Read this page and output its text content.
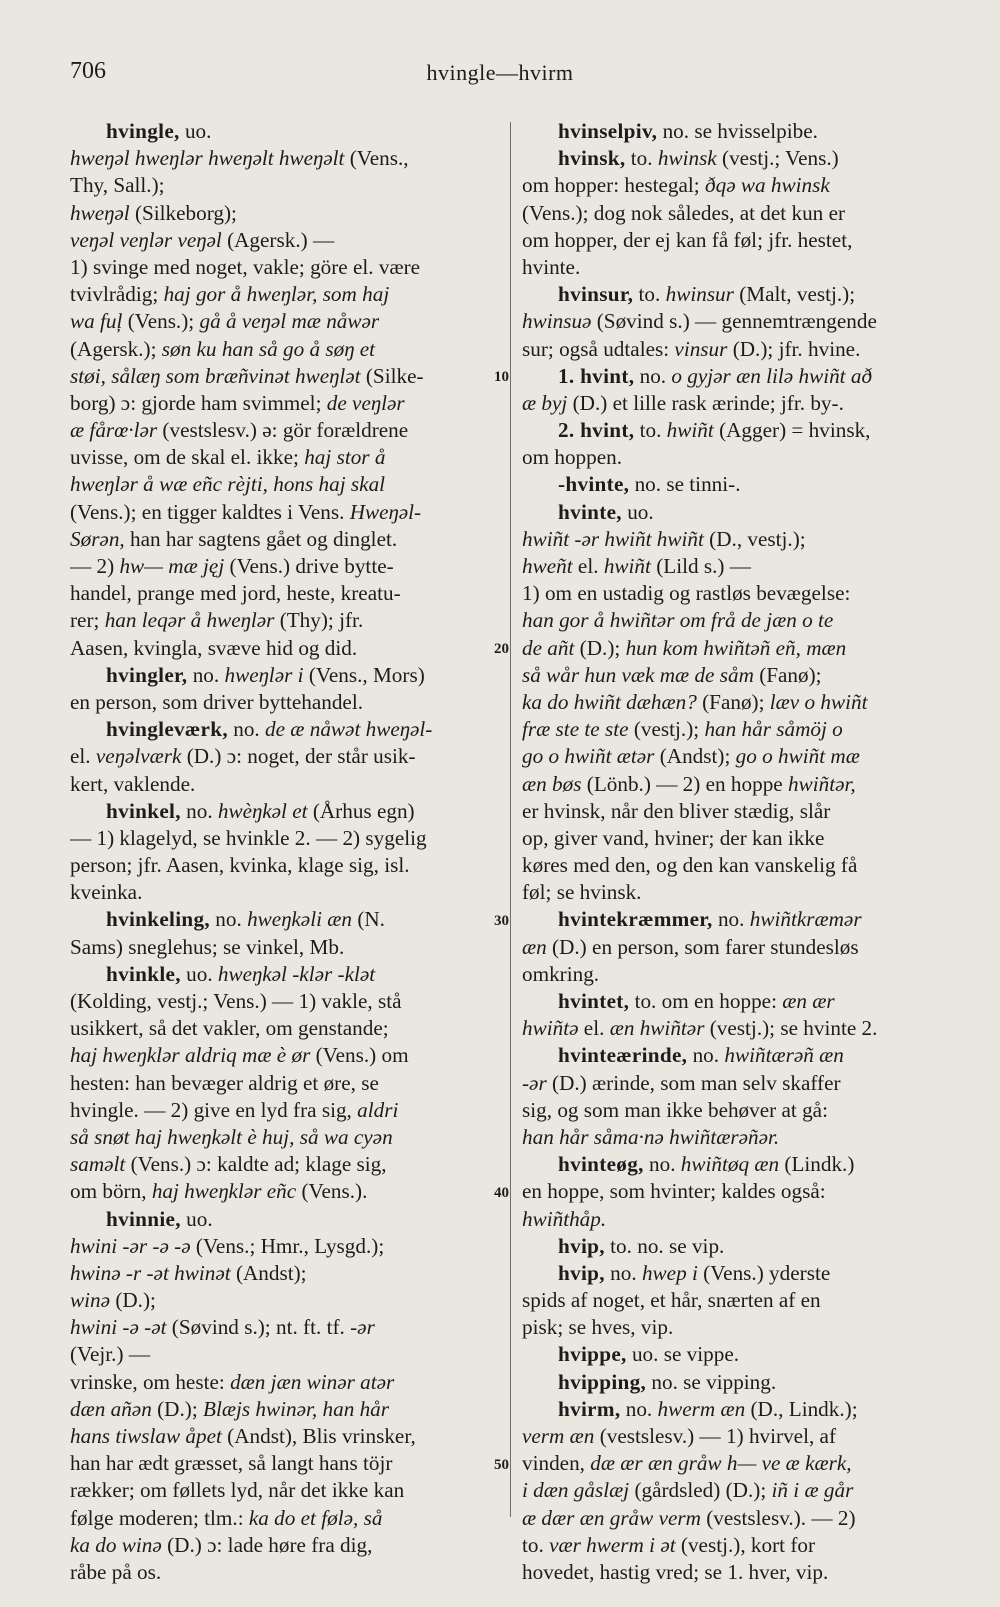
706	hvingle—hvirm
hvingle, uo.
hweŋəl hweŋlər hweŋəlt hweŋəlt (Vens.,
Thy, Sall.);
hweŋəl (Silkeborg);
veŋəl veŋlər veŋəl (Agersk.) —
1) svinge med noget, vakle; göre el. være
tvivlrådig; haj gor å hweŋlər, som haj
wa fuļ (Vens.); gå å veŋəl mæ nåwər
(Agersk.); søn ku han så go å søŋ et
støi, sålæŋ som bræñvinət hweŋlət (Silke-
borg) ɔ: gjorde ham svimmel; de veŋlər
æ fårœ·lər (vestslesv.) ə: gör forældrene
uvisse, om de skal el. ikke; haj stor å
hweŋlər å wæ eñc rèjti, hons haj skal
(Vens.); en tigger kaldtes i Vens. Hweŋəl-
Sørən, han har sagtens gået og dinglet.
— 2) hw— mæ jęj (Vens.) drive bytte-
handel, prange med jord, heste, kreatu-
rer; han leqər å hweŋlər (Thy); jfr.
Aasen, kvingla, svæve hid og did.
hvingler, no. hweŋlər i (Vens., Mors)
en person, som driver byttehandel.
hvingleværk, no. de æ nåwət hweŋəl-
el. veŋəlværk (D.) ɔ: noget, der står usik-
kert, vaklende.
hvinkel, no. hwèŋkəl et (Århus egn)
— 1) klagelyd, se hvinkle 2. — 2) sygelig
person; jfr. Aasen, kvinka, klage sig, isl.
kveinka.
hvinkeling, no. hweŋkəli æn (N.
Sams) sneglehus; se vinkel, Mb.
hvinkle, uo. hweŋkəl -klər -klət
(Kolding, vestj.; Vens.) — 1) vakle, stå
usikkert, så det vakler, om genstande;
haj hweŋklər aldriq mæ è ør (Vens.) om
hesten: han bevæger aldrig et øre, se
hvingle. — 2) give en lyd fra sig, aldri
så snøt haj hweŋkəlt è huj, så wa cyən
saməlt (Vens.) ɔ: kaldte ad; klage sig,
om börn, haj hweŋklər eñc (Vens.).
hvinnie, uo.
hwini -ər -ə -ə (Vens.; Hmr., Lysgd.);
hwinə -r -ət hwinət (Andst);
winə (D.);
hwini -ə -ət (Søvind s.); nt. ft. tf. -ər
(Vejr.) —
vrinske, om heste: dæn jæn winər atər
dæn añən (D.); Blæjs hwinər, han hår
hans tiwslaw åpet (Andst), Blis vrinsker,
han har ædt græsset, så langt hans töjr
rækker; om føllets lyd, når det ikke kan
følge moderen; tlm.: ka do et følə, så
ka do winə (D.) ɔ: lade høre fra dig,
råbe på os.
10
20
30
40
50
hvinselpiv, no. se hvisselpibe.
hvinsk, to. hwinsk (vestj.; Vens.)
om hopper: hestegal; ðqə wa hwinsk
(Vens.); dog nok således, at det kun er
om hopper, der ej kan få føl; jfr. hestet,
hvinte.
hvinsur, to. hwinsur (Malt, vestj.);
hwinsuə (Søvind s.) — gennemtrængende
sur; også udtales: vinsur (D.); jfr. hvine.
1. hvint, no. o gyjər æn lilə hwiñt að
æ byj (D.) et lille rask ærinde; jfr. by-.
2. hvint, to. hwiñt (Agger) = hvinsk,
om hoppen.
-hvinte, no. se tinni-.
hvinte, uo.
hwiñt -ər hwiñt hwiñt (D., vestj.);
hweñt el. hwiñt (Lild s.) —
1) om en ustadig og rastløs bevægelse:
han gor å hwiñtər om frå de jæn o te
de añt (D.); hun kom hwiñtəñ eñ, mæn
så wår hun væk mæ de såm (Fanø);
ka do hwiñt dæhæn? (Fanø); læv o hwiñt
fræ ste te ste (vestj.); han hår såmöj o
go o hwiñt ætər (Andst); go o hwiñt mæ
æn bøs (Lönb.) — 2) en hoppe hwiñtər,
er hvinsk, når den bliver stædig, slår
op, giver vand, hviner; der kan ikke
køres med den, og den kan vanskelig få
føl; se hvinsk.
hvintekræmmer, no. hwiñtkræmər
æn (D.) en person, som farer stundesløs
omkring.
hvintet, to. om en hoppe: æn ær
hwiñtə el. æn hwiñtər (vestj.); se hvinte 2.
hvinteærinde, no. hwiñtærəñ æn
-ər (D.) ærinde, som man selv skaffer
sig, og som man ikke behøver at gå:
han hår såma·nə hwiñtærəñər.
hvinteøg, no. hwiñtøq æn (Lindk.)
en hoppe, som hvinter; kaldes også:
hwiñthåp.
hvip, to. no. se vip.
hvip, no. hwep i (Vens.) yderste
spids af noget, et hår, snærten af en
pisk; se hves, vip.
hvippe, uo. se vippe.
hvipping, no. se vipping.
hvirm, no. hwerm æn (D., Lindk.);
verm æn (vestslesv.) — 1) hvirvel, af
vinden, dæ ær æn gråw h— ve æ kærk,
i dæn gåslæj (gårdsled) (D.); iñ i æ går
æ dær æn gråw verm (vestslesv.). — 2)
to. vær hwerm i ət (vestj.), kort for
hovedet, hastig vred; se 1. hver, vip.
